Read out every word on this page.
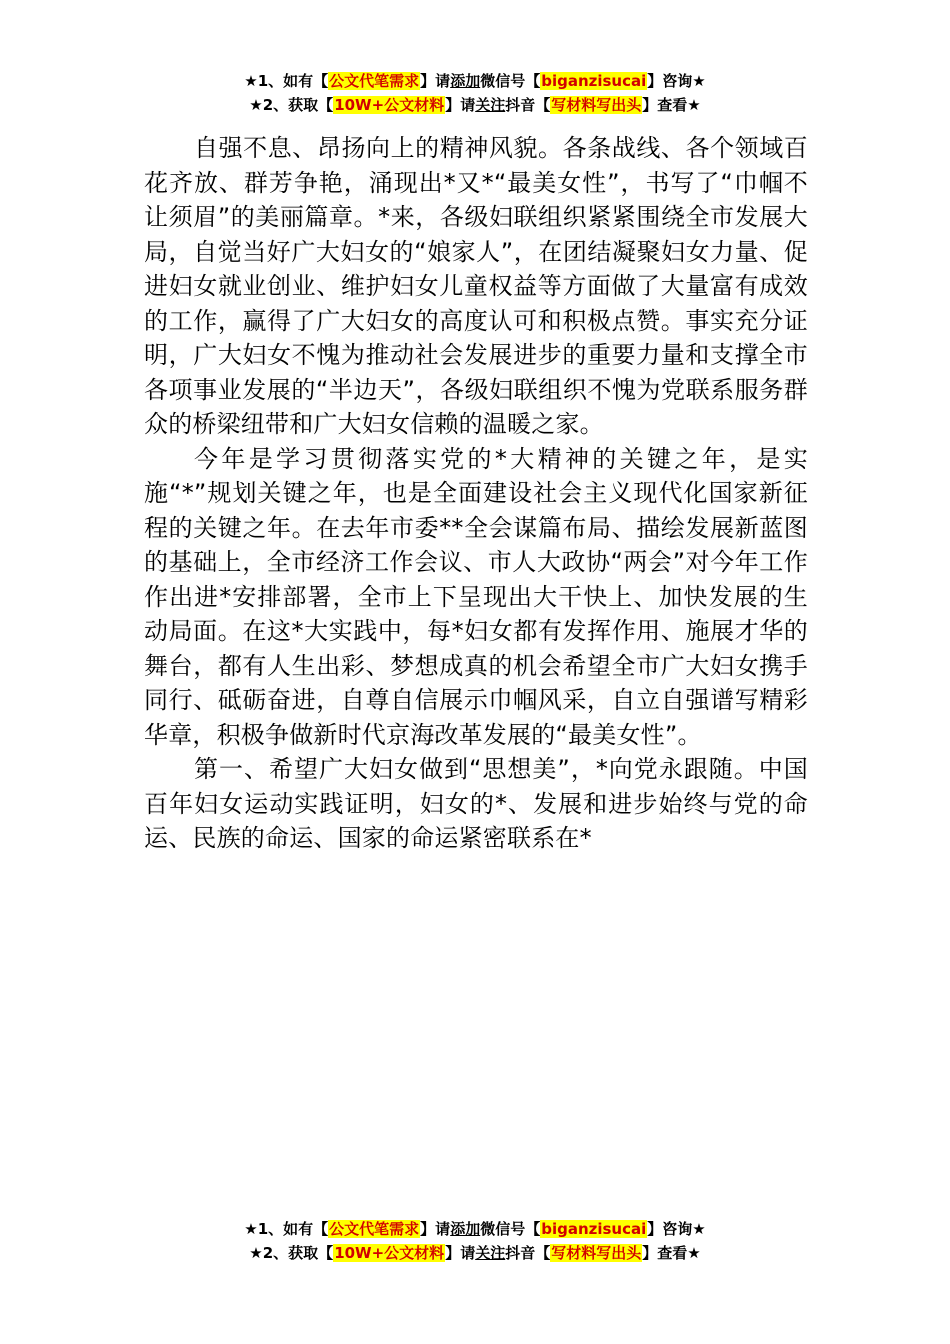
★1、如有【公文代笔需求】请添加微信号【biganzisucai】咨询★
★2、获取【10W+公文材料】请关注抖音【写材料写出头】查看★

自强不息、昂扬向上的精神风貌。各条战线、各个领域百花齐放、群芳争艳，涌现出*又*“最美女性”，书写了“巾帼不让须眉”的美丽篇章。*来，各级妇联组织紧紧围绕全市发展大局，自觉当好广大妇女的“娘家人”，在团结凝聚妇女力量、促进妇女就业创业、维护妇女儿童权益等方面做了大量富有成效的工作，赢得了广大妇女的高度认可和积极点赞。事实充分证明，广大妇女不愧为推动社会发展进步的重要力量和支撑全市各项事业发展的“半边天”，各级妇联组织不愧为党联系服务群众的桥梁纽带和广大妇女信赖的温暖之家。

今年是学习贯彻落实党的*大精神的关键之年，是实施“*”规划关键之年，也是全面建设社会主义现代化国家新征程的关键之年。在去年市委**全会谋篇布局、描绘发展新蓝图的基础上，全市经济工作会议、市人大政协“两会”对今年工作作出进*安排部署，全市上下呈现出大干快上、加快发展的生动局面。在这*大实践中，每*妇女都有发挥作用、施展才华的舞台，都有人生出彩、梦想成真的机会希望全市广大妇女携手同行、砥砺奋进，自尊自信展示巾帼风采，自立自强谱写精彩华章，积极争做新时代京海改革发展的“最美女性”。

第一、希望广大妇女做到“思想美”，*向党永跟随。中国百年妇女运动实践证明，妇女的*、发展和进步始终与党的命运、民族的命运、国家的命运紧密联系在*

★1、如有【公文代笔需求】请添加微信号【biganzisucai】咨询★
★2、获取【10W+公文材料】请关注抖音【写材料写出头】查看★
